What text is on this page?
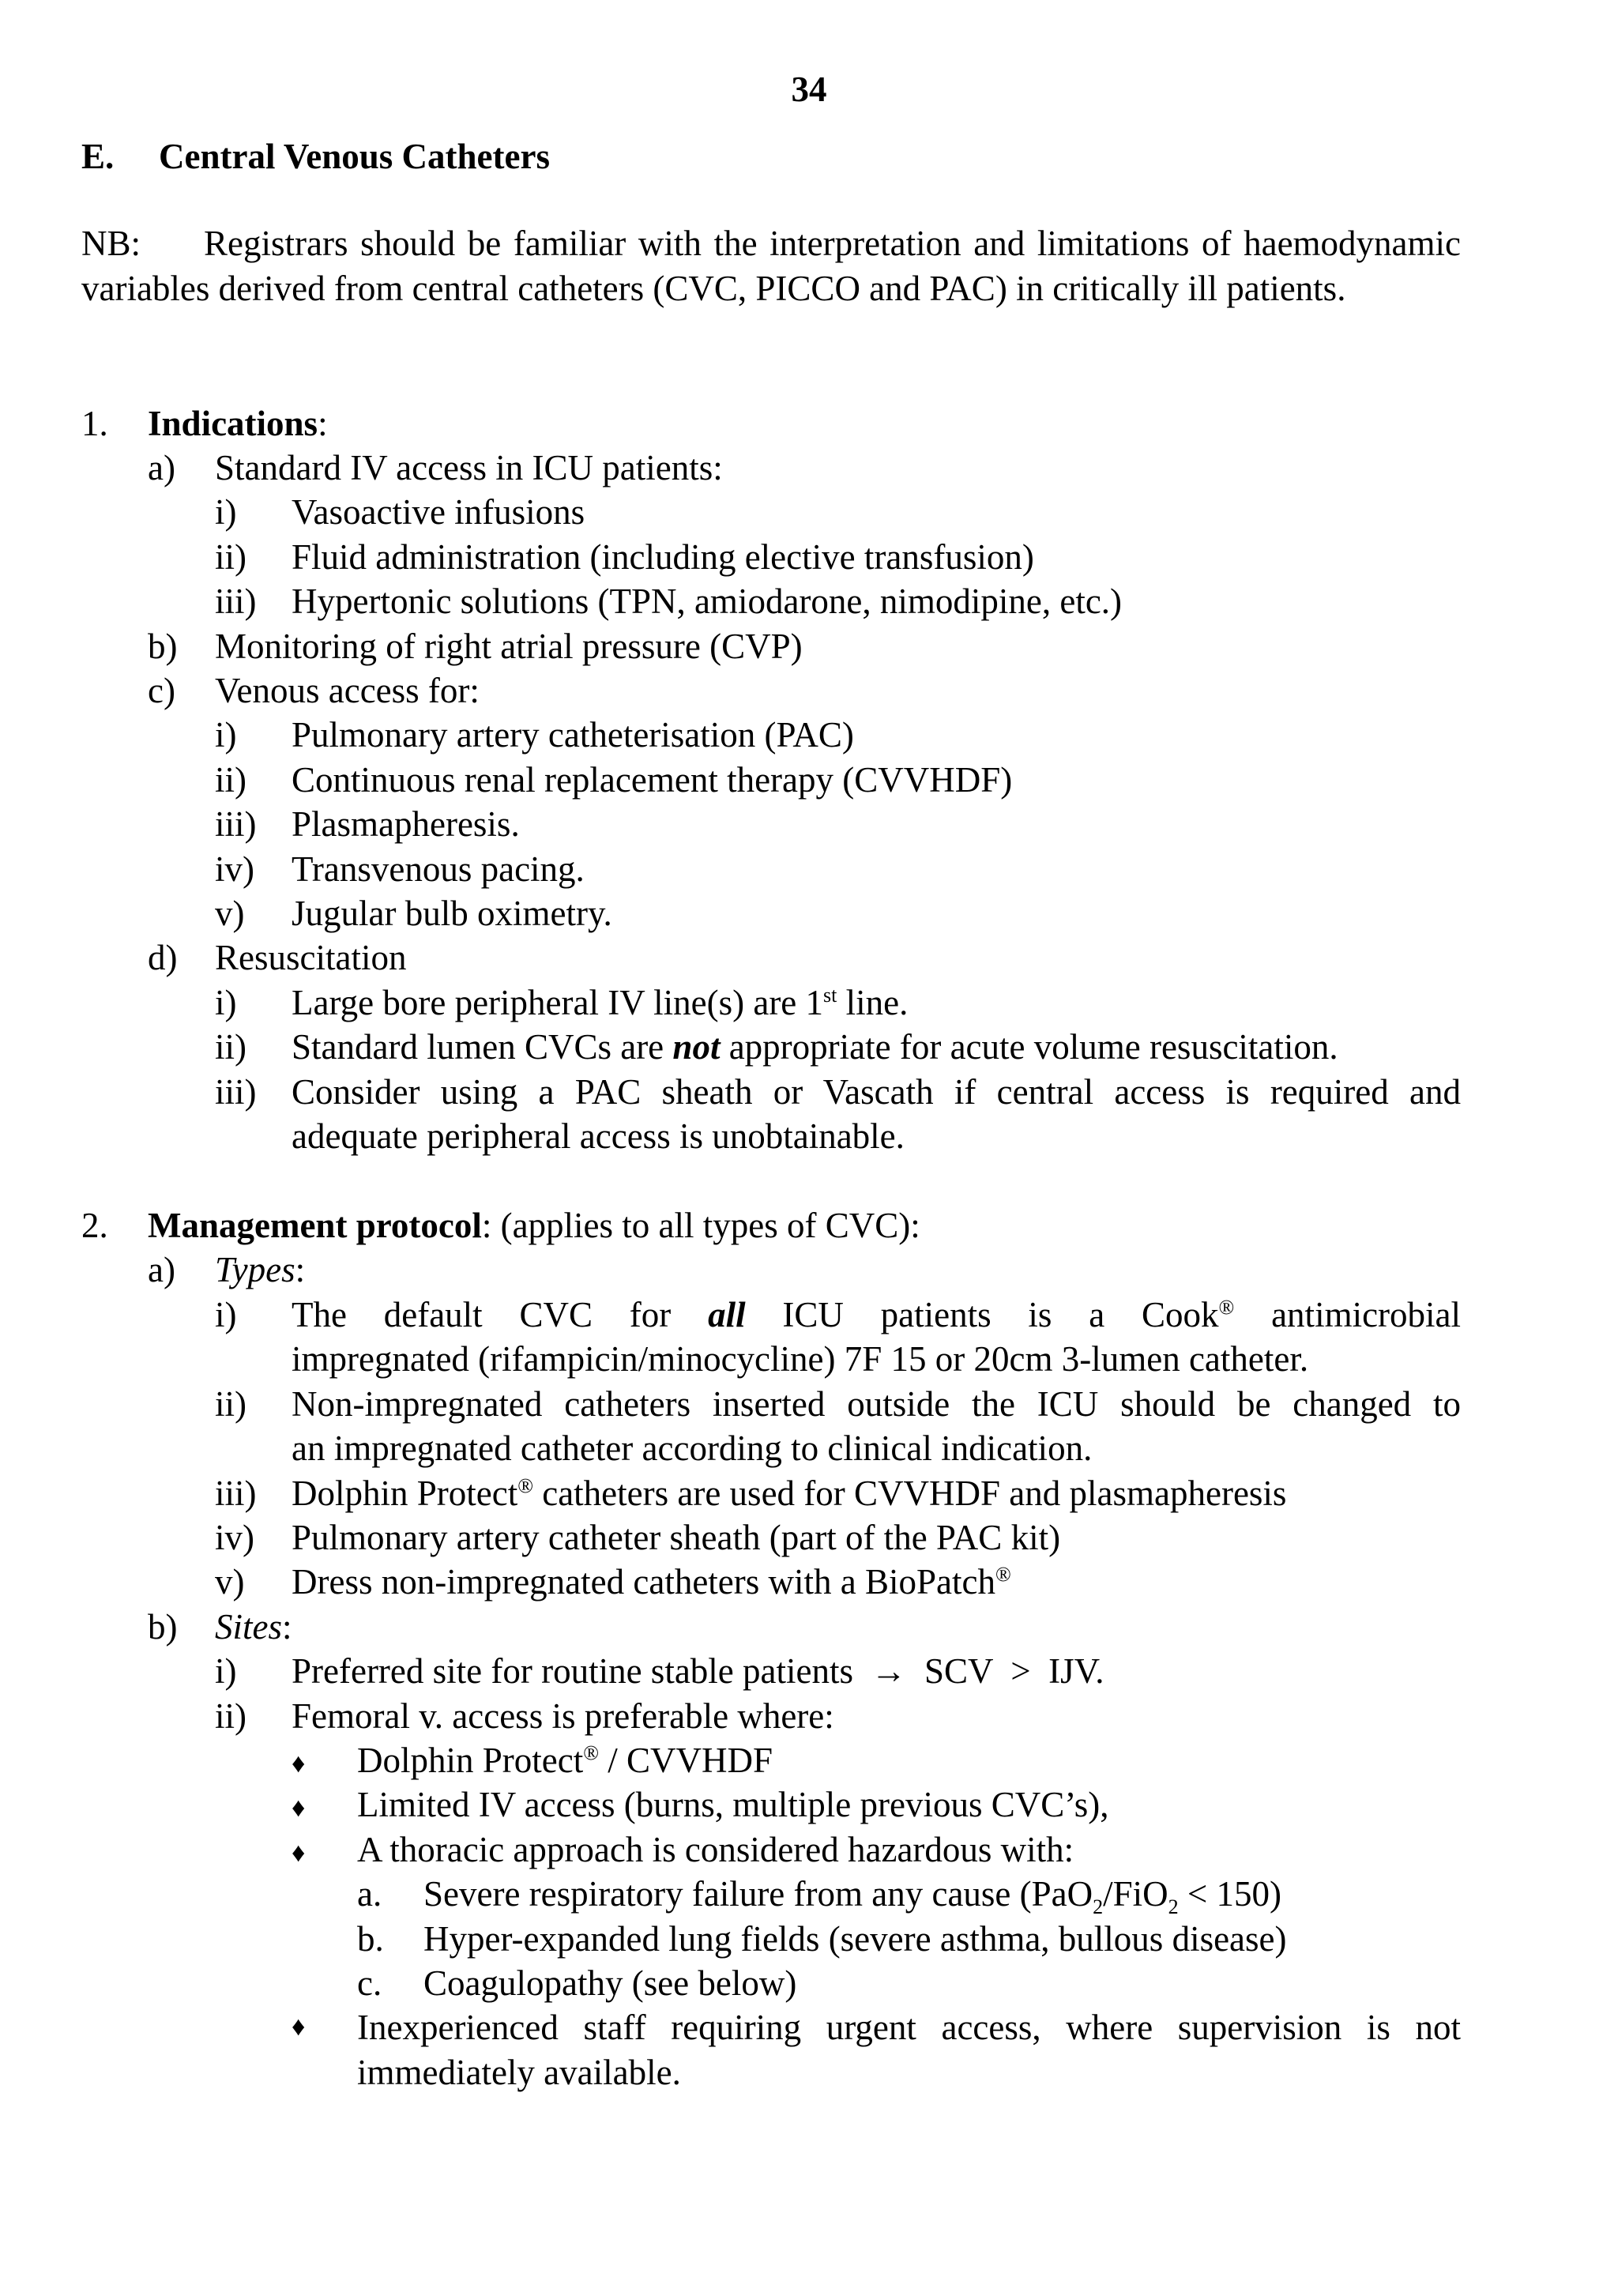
34
E. Central Venous Catheters
NB: Registrars should be familiar with the interpretation and limitations of haemodynamic variables derived from central catheters (CVC, PICCO and PAC) in critically ill patients.
1. Indications:
a) Standard IV access in ICU patients:
i) Vasoactive infusions
ii) Fluid administration (including elective transfusion)
iii) Hypertonic solutions (TPN, amiodarone, nimodipine, etc.)
b) Monitoring of right atrial pressure (CVP)
c) Venous access for:
i) Pulmonary artery catheterisation (PAC)
ii) Continuous renal replacement therapy (CVVHDF)
iii) Plasmapheresis.
iv) Transvenous pacing.
v) Jugular bulb oximetry.
d) Resuscitation
i) Large bore peripheral IV line(s) are 1st line.
ii) Standard lumen CVCs are not appropriate for acute volume resuscitation.
iii) Consider using a PAC sheath or Vascath if central access is required and
adequate peripheral access is unobtainable.
2. Management protocol: (applies to all types of CVC):
a) Types:
i) The default CVC for all ICU patients is a Cook® antimicrobial
impregnated (rifampicin/minocycline) 7F 15 or 20cm 3-lumen catheter.
ii) Non-impregnated catheters inserted outside the ICU should be changed to
an impregnated catheter according to clinical indication.
iii) Dolphin Protect® catheters are used for CVVHDF and plasmapheresis
iv) Pulmonary artery catheter sheath (part of the PAC kit)
v) Dress non-impregnated catheters with a BioPatch®
b) Sites:
i) Preferred site for routine stable patients  →  SCV  >  IJV.
ii) Femoral v. access is preferable where:
♦ Dolphin Protect® / CVVHDF
♦ Limited IV access (burns, multiple previous CVC’s),
♦ A thoracic approach is considered hazardous with:
a. Severe respiratory failure from any cause (PaO$_2$/FiO$_2$ < 150)
b. Hyper-expanded lung fields (severe asthma, bullous disease)
c. Coagulopathy (see below)
♦ Inexperienced staff requiring urgent access, where supervision is not
immediately available.
